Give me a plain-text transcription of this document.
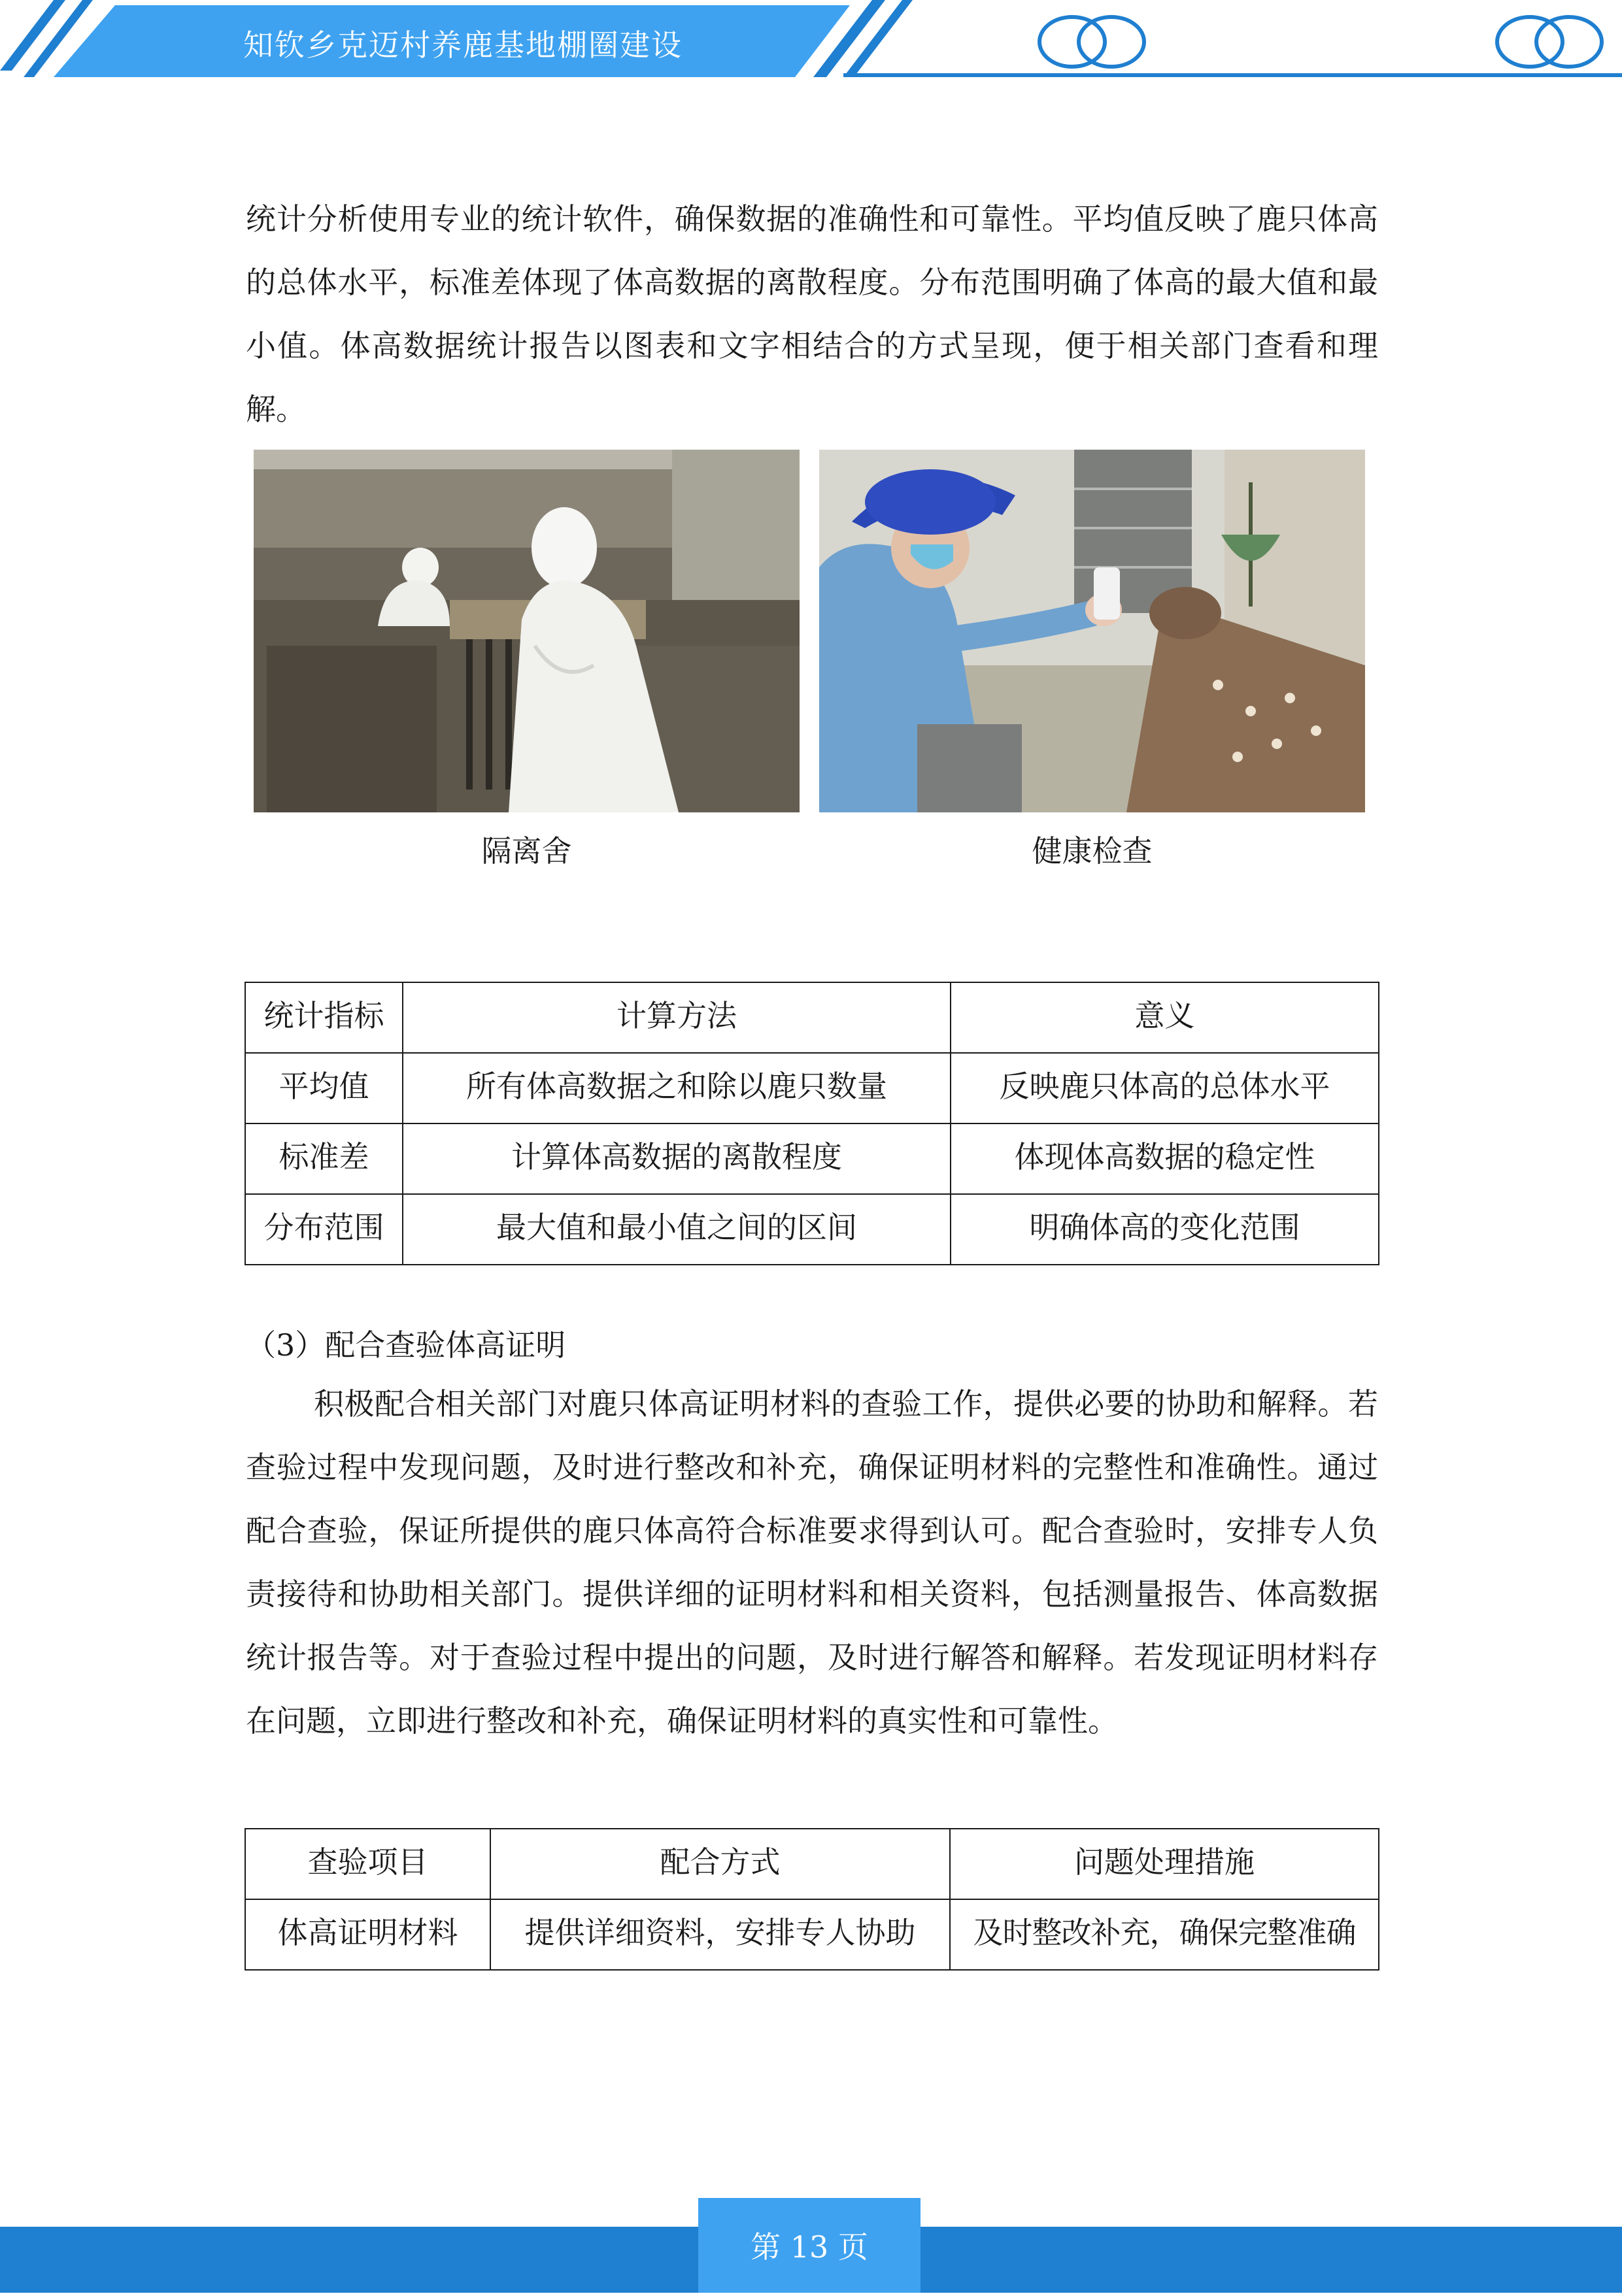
知钦乡克迈村养鹿基地棚圈建设

统计分析使用专业的统计软件，确保数据的准确性和可靠性。平均值反映了鹿只体高的总体水平，标准差体现了体高数据的离散程度。分布范围明确了体高的最大值和最小值。体高数据统计报告以图表和文字相结合的方式呈现，便于相关部门查看和理解。

隔离舍	健康检查
统计指标	计算方法	意义
平均值	所有体高数据之和除以鹿只数量	反映鹿只体高的总体水平
标准差	计算体高数据的离散程度	体现体高数据的稳定性
分布范围	最大值和最小值之间的区间	明确体高的变化范围

（3）配合查验体高证明

积极配合相关部门对鹿只体高证明材料的查验工作，提供必要的协助和解释。若查验过程中发现问题，及时进行整改和补充，确保证明材料的完整性和准确性。通过配合查验，保证所提供的鹿只体高符合标准要求得到认可。配合查验时，安排专人负责接待和协助相关部门。提供详细的证明材料和相关资料，包括测量报告、体高数据统计报告等。对于查验过程中提出的问题，及时进行解答和解释。若发现证明材料存在问题，立即进行整改和补充，确保证明材料的真实性和可靠性。

查验项目	配合方式	问题处理措施
体高证明材料	提供详细资料，安排专人协助	及时整改补充，确保完整准确
第 13 页
